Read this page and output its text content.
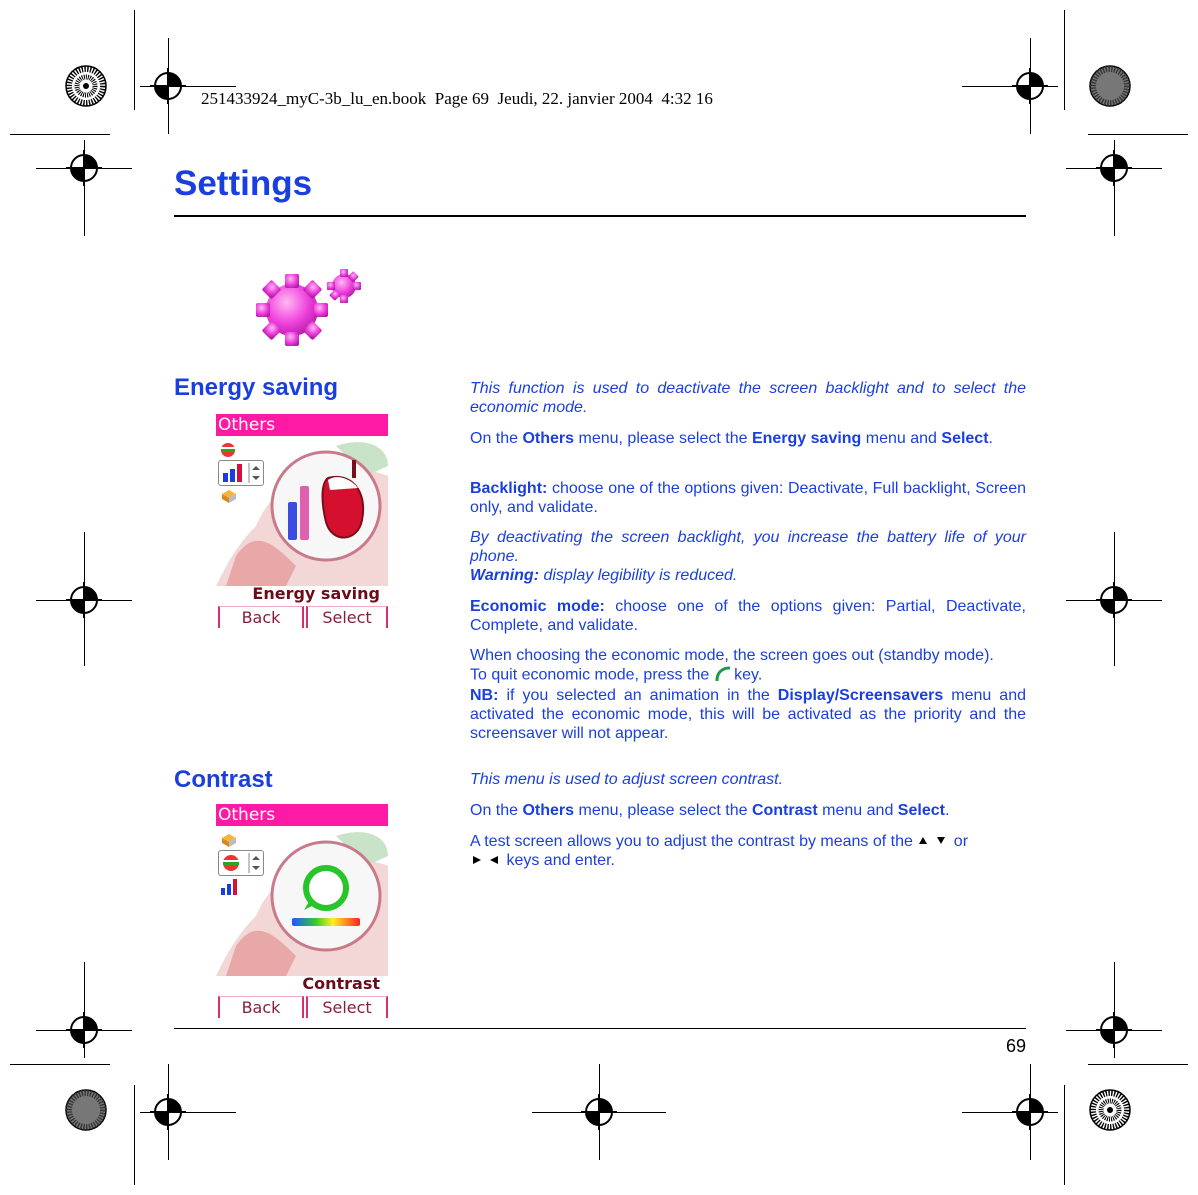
251433924_myC-3b_lu_en.book  Page 69  Jeudi, 22. janvier 2004  4:32 16
Settings
Energy saving
Others
Energy saving
Back	Select
This function is used to deactivate the screen backlight and to select the economic mode.
On the Others menu, please select the Energy saving menu and Select.
Backlight: choose one of the options given: Deactivate, Full backlight, Screen only, and validate.
By deactivating the screen backlight, you increase the battery life of your phone.
Warning: display legibility is reduced.
Economic mode: choose one of the options given: Partial, Deactivate, Complete, and validate.
When choosing the economic mode, the screen goes out (standby mode).
To quit economic mode, press the  key.
NB: if you selected an animation in the Display/Screensavers menu and activated the economic mode, this will be activated as the priority and the screensaver will not appear.
Contrast
Others
Contrast
Back	Select
This menu is used to adjust screen contrast.
On the Others menu, please select the Contrast menu and Select.
A test screen allows you to adjust the contrast by means of the  or
keys and enter.
69
